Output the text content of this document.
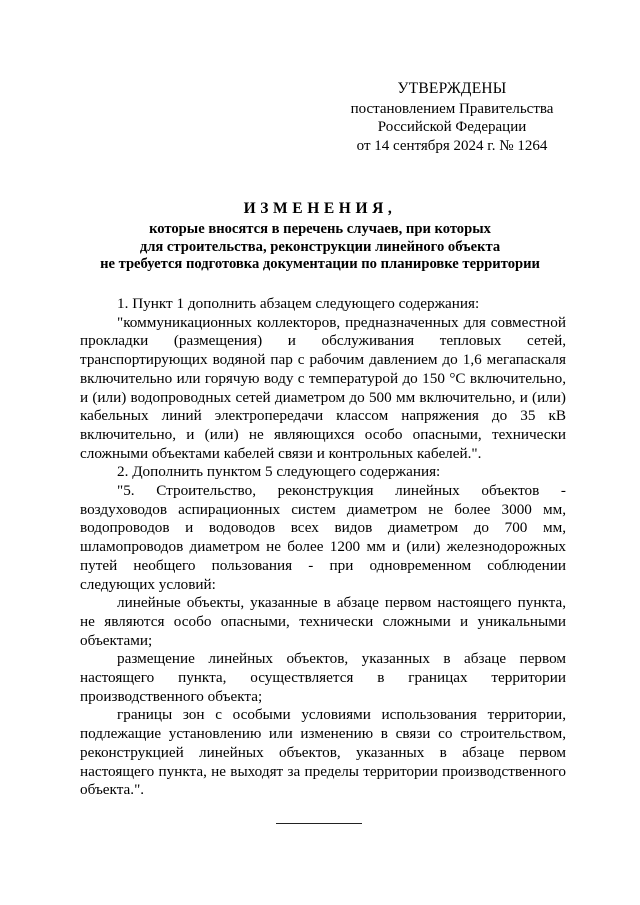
УТВЕРЖДЕНЫ
постановлением Правительства
Российской Федерации
от 14 сентября 2024 г. № 1264
ИЗМЕНЕНИЯ,
которые вносятся в перечень случаев, при которых
для строительства, реконструкции линейного объекта
не требуется подготовка документации по планировке территории

1. Пункт 1 дополнить абзацем следующего содержания:

"коммуникационных коллекторов, предназначенных для совместной прокладки (размещения) и обслуживания тепловых сетей, транспортирующих водяной пар с рабочим давлением до 1,6 мегапаскаля включительно или горячую воду с температурой до 150 °С включительно, и (или) водопроводных сетей диаметром до 500 мм включительно, и (или) кабельных линий электропередачи классом напряжения до 35 кВ включительно, и (или) не являющихся особо опасными, технически сложными объектами кабелей связи и контрольных кабелей.".

2. Дополнить пунктом 5 следующего содержания:

"5. Строительство, реконструкция линейных объектов - воздуховодов аспирационных систем диаметром не более 3000 мм, водопроводов и водоводов всех видов диаметром до 700 мм, шламопроводов диаметром не более 1200 мм и (или) железнодорожных путей необщего пользования - при одновременном соблюдении следующих условий:

линейные объекты, указанные в абзаце первом настоящего пункта, не являются особо опасными, технически сложными и уникальными объектами;

размещение линейных объектов, указанных в абзаце первом настоящего пункта, осуществляется в границах территории производственного объекта;

границы зон с особыми условиями использования территории, подлежащие установлению или изменению в связи со строительством, реконструкцией линейных объектов, указанных в абзаце первом настоящего пункта, не выходят за пределы территории производственного объекта.".
